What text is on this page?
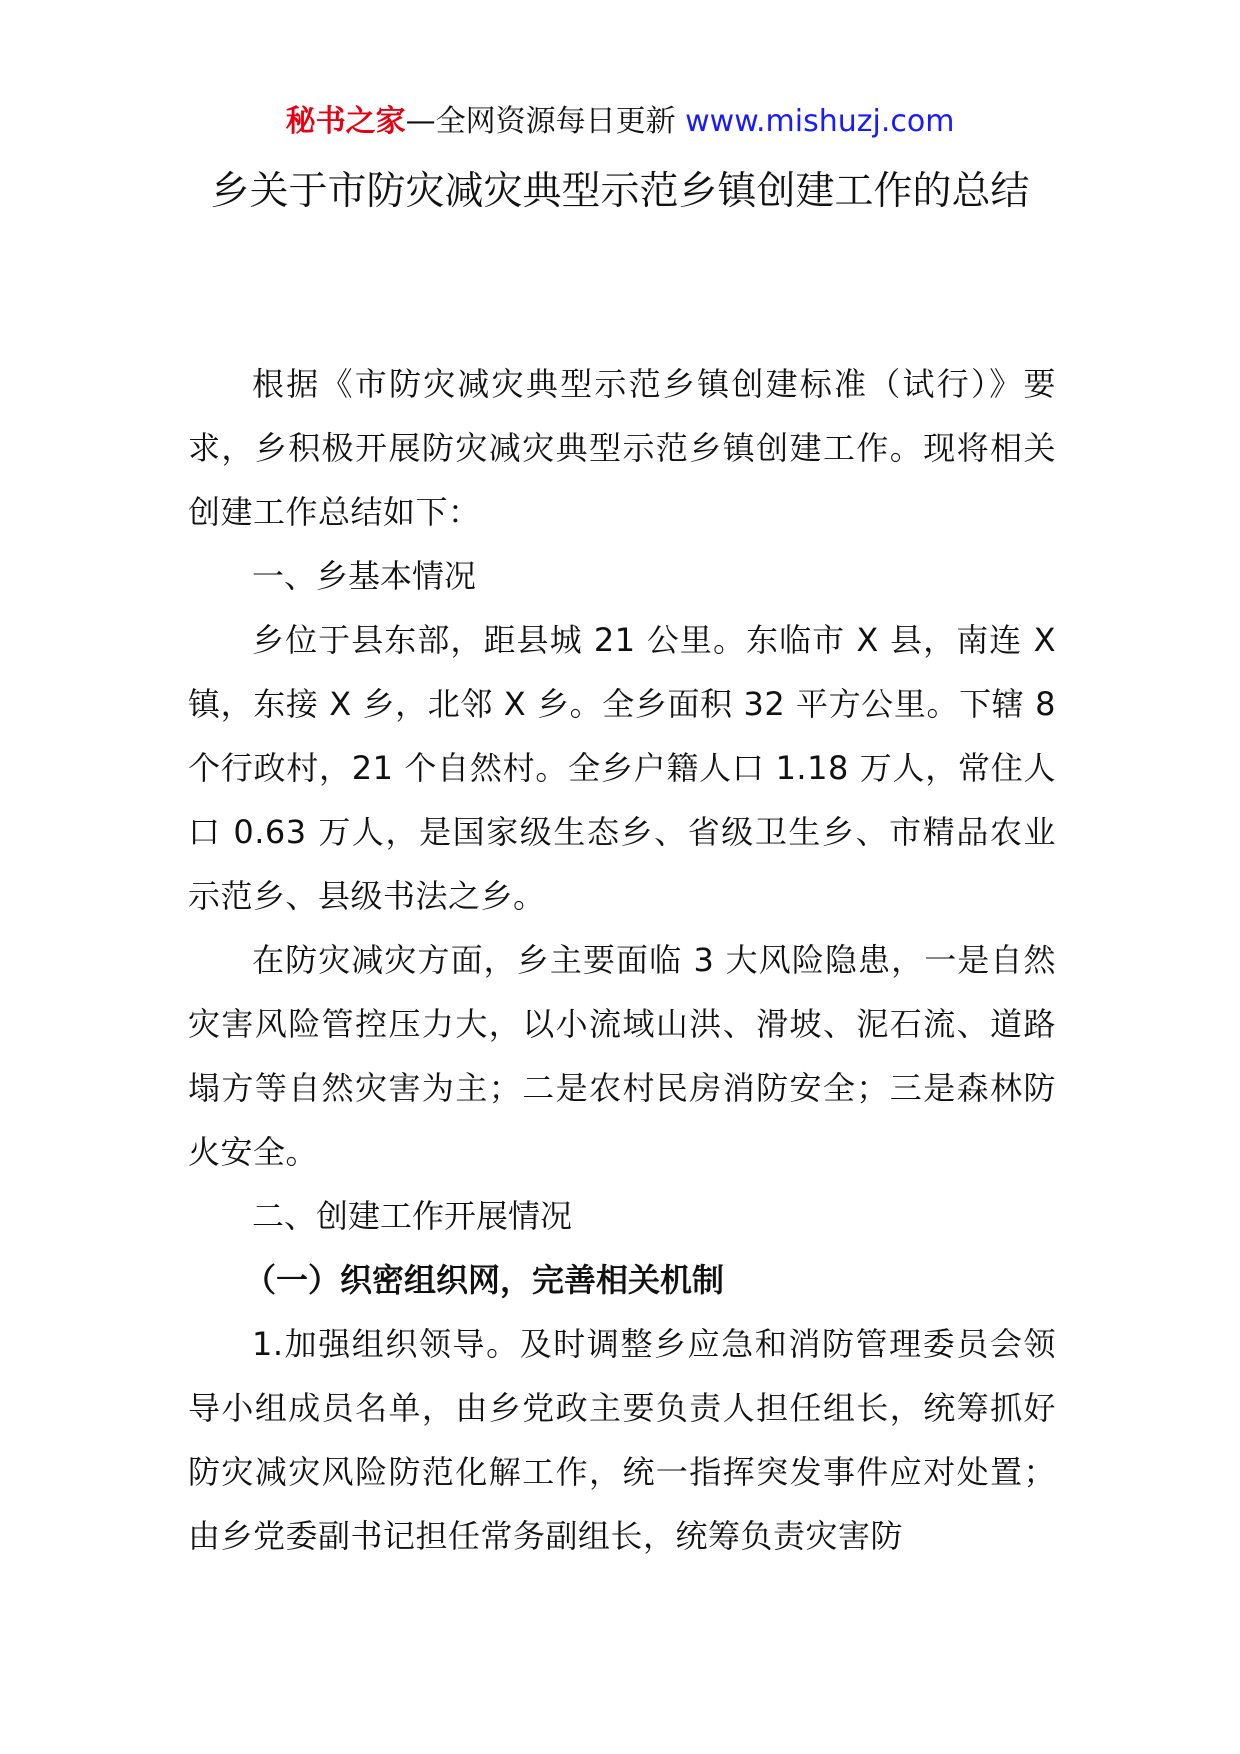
秘书之家—全网资源每日更新 www.mishuzj.com
乡关于市防灾减灾典型示范乡镇创建工作的总结

根据《市防灾减灾典型示范乡镇创建标准（试行）》要求，乡积极开展防灾减灾典型示范乡镇创建工作。现将相关创建工作总结如下：

一、乡基本情况

乡位于县东部，距县城 21 公里。东临市 X 县，南连 X 镇，东接 X 乡，北邻 X 乡。全乡面积 32 平方公里。下辖 8 个行政村，21 个自然村。全乡户籍人口 1.18 万人，常住人口 0.63 万人，是国家级生态乡、省级卫生乡、市精品农业示范乡、县级书法之乡。

在防灾减灾方面，乡主要面临 3 大风险隐患，一是自然灾害风险管控压力大，以小流域山洪、滑坡、泥石流、道路塌方等自然灾害为主；二是农村民房消防安全；三是森林防火安全。

二、创建工作开展情况

（一）织密组织网，完善相关机制

1.加强组织领导。及时调整乡应急和消防管理委员会领导小组成员名单，由乡党政主要负责人担任组长，统筹抓好防灾减灾风险防范化解工作，统一指挥突发事件应对处置；由乡党委副书记担任常务副组长，统筹负责灾害防
